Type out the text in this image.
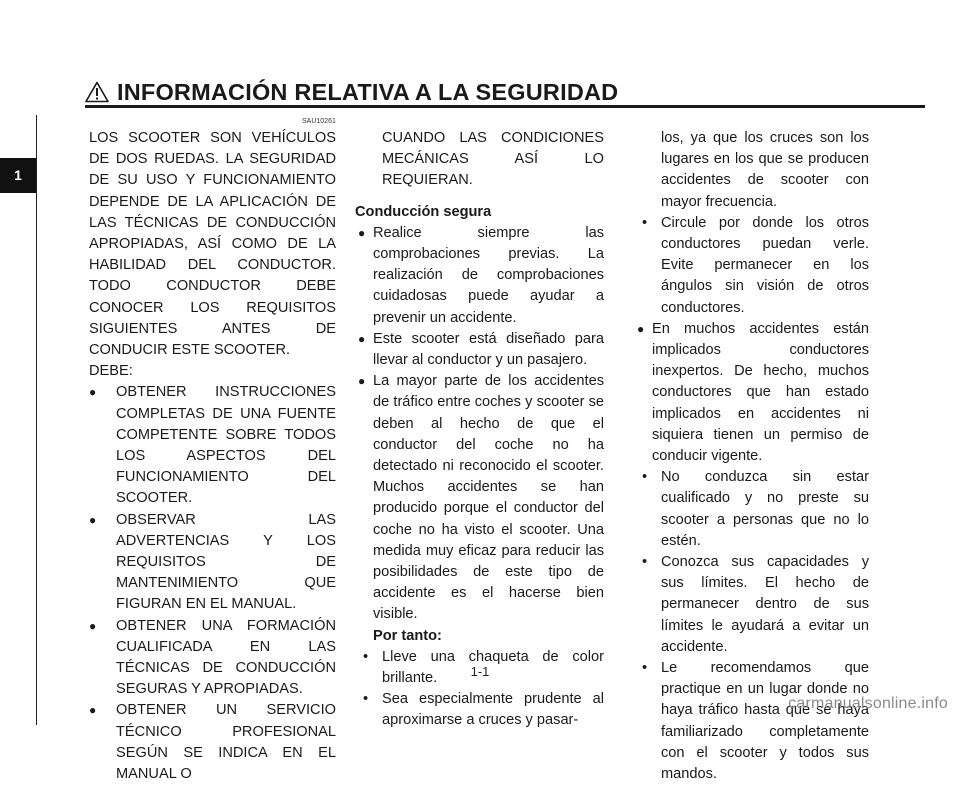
INFORMACIÓN RELATIVA A LA SEGURIDAD
1
SAU10261

LOS SCOOTER SON VEHÍCULOS DE DOS RUEDAS. LA SEGURIDAD DE SU USO Y FUNCIONAMIENTO DEPENDE DE LA APLICACIÓN DE LAS TÉCNICAS DE CONDUCCIÓN APROPIADAS, ASÍ COMO DE LA HABILIDAD DEL CONDUCTOR. TODO CONDUCTOR DEBE CONOCER LOS REQUISITOS SIGUIENTES ANTES DE CONDUCIR ESTE SCOOTER.

DEBE:

● OBTENER INSTRUCCIONES COMPLETAS DE UNA FUENTE COMPETENTE SOBRE TODOS LOS ASPECTOS DEL FUNCIONAMIENTO DEL SCOOTER.

● OBSERVAR LAS ADVERTENCIAS Y LOS REQUISITOS DE MANTENIMIENTO QUE FIGURAN EN EL MANUAL.

● OBTENER UNA FORMACIÓN CUALIFICADA EN LAS TÉCNICAS DE CONDUCCIÓN SEGURAS Y APROPIADAS.

● OBTENER UN SERVICIO TÉCNICO PROFESIONAL SEGÚN SE INDICA EN EL MANUAL O

CUANDO LAS CONDICIONES MECÁNICAS ASÍ LO REQUIERAN.

Conducción segura

● Realice siempre las comprobaciones previas. La realización de comprobaciones cuidadosas puede ayudar a prevenir un accidente.

● Este scooter está diseñado para llevar al conductor y un pasajero.

● La mayor parte de los accidentes de tráfico entre coches y scooter se deben al hecho de que el conductor del coche no ha detectado ni reconocido el scooter. Muchos accidentes se han producido porque el conductor del coche no ha visto el scooter. Una medida muy eficaz para reducir las posibilidades de este tipo de accidente es el hacerse bien visible.

Por tanto:

• Lleve una chaqueta de color brillante.

• Sea especialmente prudente al aproximarse a cruces y pasar-

los, ya que los cruces son los lugares en los que se producen accidentes de scooter con mayor frecuencia.

• Circule por donde los otros conductores puedan verle. Evite permanecer en los ángulos sin visión de otros conductores.

● En muchos accidentes están implicados conductores inexpertos. De hecho, muchos conductores que han estado implicados en accidentes ni siquiera tienen un permiso de conducir vigente.

• No conduzca sin estar cualificado y no preste su scooter a personas que no lo estén.

• Conozca sus capacidades y sus límites. El hecho de permanecer dentro de sus límites le ayudará a evitar un accidente.

• Le recomendamos que practique en un lugar donde no haya tráfico hasta que se haya familiarizado completamente con el scooter y todos sus mandos.

1-1
carmanualsonline.info
